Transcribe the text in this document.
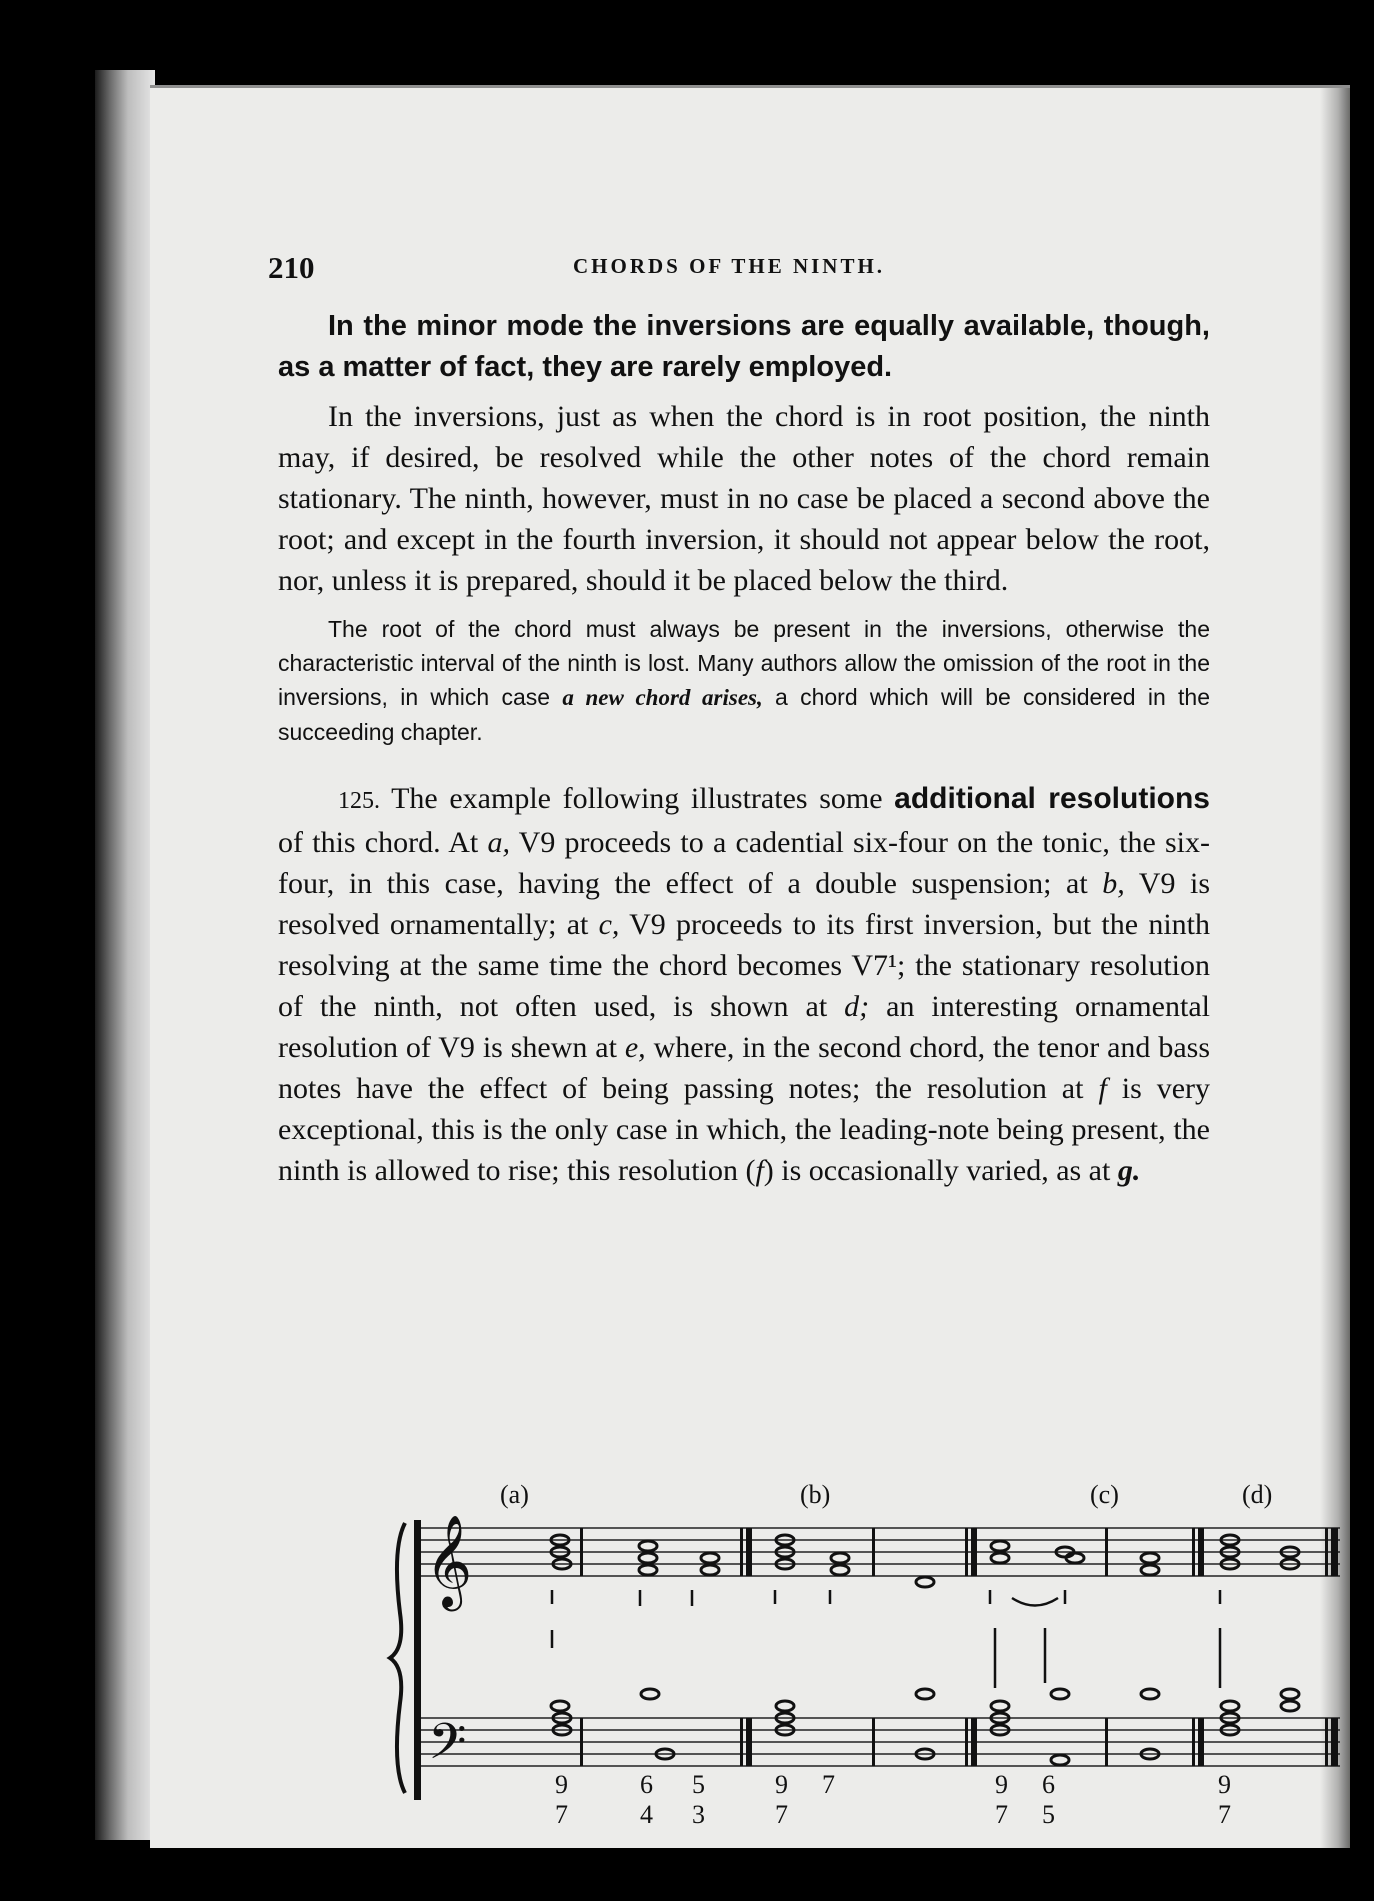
210	CHORDS OF THE NINTH.

In the minor mode the inversions are equally available, though, as a matter of fact, they are rarely employed.

In the inversions, just as when the chord is in root position, the ninth may, if desired, be resolved while the other notes of the chord remain stationary. The ninth, however, must in no case be placed a second above the root; and except in the fourth inversion, it should not appear below the root, nor, unless it is prepared, should it be placed below the third.

The root of the chord must always be present in the inversions, otherwise the characteristic interval of the ninth is lost. Many authors allow the omission of the root in the inversions, in which case a new chord arises, a chord which will be considered in the succeeding chapter.

125. The example following illustrates some additional resolutions of this chord. At a, V9 proceeds to a cadential six-four on the tonic, the six-four, in this case, having the effect of a double suspension; at b, V9 is resolved ornamentally; at c, V9 proceeds to its first inversion, but the ninth resolving at the same time the chord becomes V7¹; the stationary resolution of the ninth, not often used, is shown at d; an interesting ornamental resolution of V9 is shewn at e, where, in the second chord, the tenor and bass notes have the effect of being passing notes; the resolution at f is very exceptional, this is the only case in which, the leading-note being present, the ninth is allowed to rise; this resolution (f) is occasionally varied, as at g.

(a)	(b)	(c)	(d)
𝄞
𝄢
9
7
6
4
5
3
9
7
7	9
7
6
5
9
7
